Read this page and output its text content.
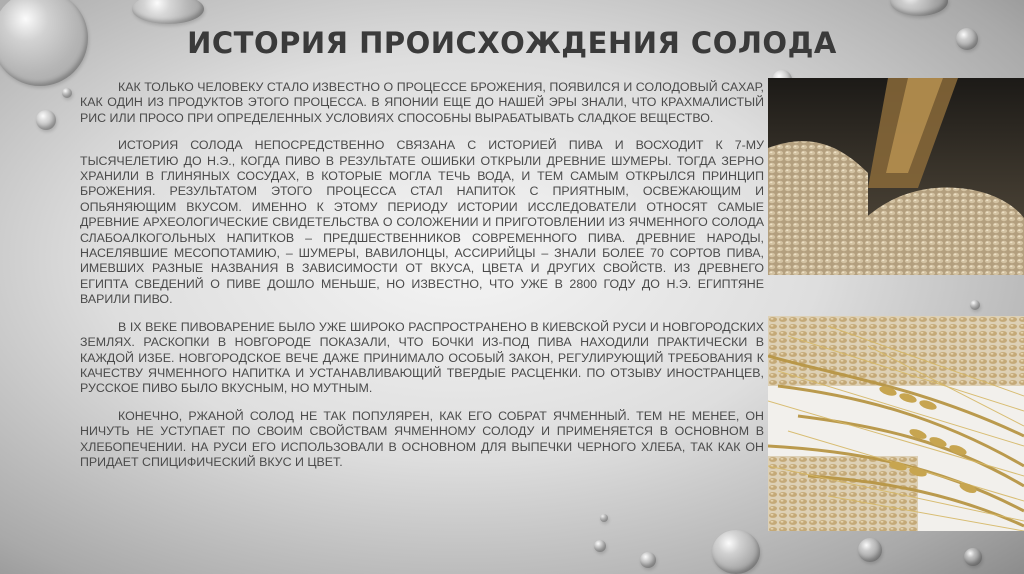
ИСТОРИЯ ПРОИСХОЖДЕНИЯ СОЛОДА

КАК ТОЛЬКО ЧЕЛОВЕКУ СТАЛО ИЗВЕСТНО О ПРОЦЕССЕ БРОЖЕНИЯ, ПОЯВИЛСЯ И СОЛОДОВЫЙ САХАР, КАК ОДИН ИЗ ПРОДУКТОВ ЭТОГО ПРОЦЕССА. В ЯПОНИИ ЕЩЕ ДО НАШЕЙ ЭРЫ ЗНАЛИ, ЧТО КРАХМАЛИСТЫЙ РИС ИЛИ ПРОСО ПРИ ОПРЕДЕЛЕННЫХ УСЛОВИЯХ СПОСОБНЫ ВЫРАБАТЫВАТЬ СЛАДКОЕ ВЕЩЕСТВО.

ИСТОРИЯ СОЛОДА НЕПОСРЕДСТВЕННО СВЯЗАНА С ИСТОРИЕЙ ПИВА И ВОСХОДИТ К 7-МУ ТЫСЯЧЕЛЕТИЮ ДО Н.Э., КОГДА ПИВО В РЕЗУЛЬТАТЕ ОШИБКИ ОТКРЫЛИ ДРЕВНИЕ ШУМЕРЫ. ТОГДА ЗЕРНО ХРАНИЛИ В ГЛИНЯНЫХ СОСУДАХ, В КОТОРЫЕ МОГЛА ТЕЧЬ ВОДА, И ТЕМ САМЫМ ОТКРЫЛСЯ ПРИНЦИП БРОЖЕНИЯ. РЕЗУЛЬТАТОМ ЭТОГО ПРОЦЕССА СТАЛ НАПИТОК С ПРИЯТНЫМ, ОСВЕЖАЮЩИМ И ОПЬЯНЯЮЩИМ ВКУСОМ. ИМЕННО К ЭТОМУ ПЕРИОДУ ИСТОРИИ ИССЛЕДОВАТЕЛИ ОТНОСЯТ САМЫЕ ДРЕВНИЕ АРХЕОЛОГИЧЕСКИЕ СВИДЕТЕЛЬСТВА О СОЛОЖЕНИИ И ПРИГОТОВЛЕНИИ ИЗ ЯЧМЕННОГО СОЛОДА СЛАБОАЛКОГОЛЬНЫХ НАПИТКОВ – ПРЕДШЕСТВЕННИКОВ СОВРЕМЕННОГО ПИВА. ДРЕВНИЕ НАРОДЫ, НАСЕЛЯВШИЕ МЕСОПОТАМИЮ, – ШУМЕРЫ, ВАВИЛОНЦЫ, АССИРИЙЦЫ – ЗНАЛИ БОЛЕЕ 70 СОРТОВ ПИВА, ИМЕВШИХ РАЗНЫЕ НАЗВАНИЯ В ЗАВИСИМОСТИ ОТ ВКУСА, ЦВЕТА И ДРУГИХ СВОЙСТВ. ИЗ ДРЕВНЕГО ЕГИПТА СВЕДЕНИЙ О ПИВЕ ДОШЛО МЕНЬШЕ, НО ИЗВЕСТНО, ЧТО УЖЕ В 2800 ГОДУ ДО Н.Э. ЕГИПТЯНЕ ВАРИЛИ ПИВО.

В IX ВЕКЕ ПИВОВАРЕНИЕ БЫЛО УЖЕ ШИРОКО РАСПРОСТРАНЕНО В КИЕВСКОЙ РУСИ И НОВГОРОДСКИХ ЗЕМЛЯХ. РАСКОПКИ В НОВГОРОДЕ ПОКАЗАЛИ, ЧТО БОЧКИ ИЗ-ПОД ПИВА НАХОДИЛИ ПРАКТИЧЕСКИ В КАЖДОЙ ИЗБЕ. НОВГОРОДСКОЕ ВЕЧЕ ДАЖЕ ПРИНИМАЛО ОСОБЫЙ ЗАКОН, РЕГУЛИРУЮЩИЙ ТРЕБОВАНИЯ К КАЧЕСТВУ ЯЧМЕННОГО НАПИТКА И УСТАНАВЛИВАЮЩИЙ ТВЕРДЫЕ РАСЦЕНКИ. ПО ОТЗЫВУ ИНОСТРАНЦЕВ, РУССКОЕ ПИВО БЫЛО ВКУСНЫМ, НО МУТНЫМ.

КОНЕЧНО, РЖАНОЙ СОЛОД НЕ ТАК ПОПУЛЯРЕН, КАК ЕГО СОБРАТ ЯЧМЕННЫЙ. ТЕМ НЕ МЕНЕЕ, ОН НИЧУТЬ НЕ УСТУПАЕТ ПО СВОИМ СВОЙСТВАМ ЯЧМЕННОМУ СОЛОДУ И ПРИМЕНЯЕТСЯ В ОСНОВНОМ В ХЛЕБОПЕЧЕНИИ. НА РУСИ ЕГО ИСПОЛЬЗОВАЛИ В ОСНОВНОМ ДЛЯ ВЫПЕЧКИ ЧЕРНОГО ХЛЕБА, ТАК КАК ОН ПРИДАЕТ СПИЦИФИЧЕСКИЙ ВКУС И ЦВЕТ.
